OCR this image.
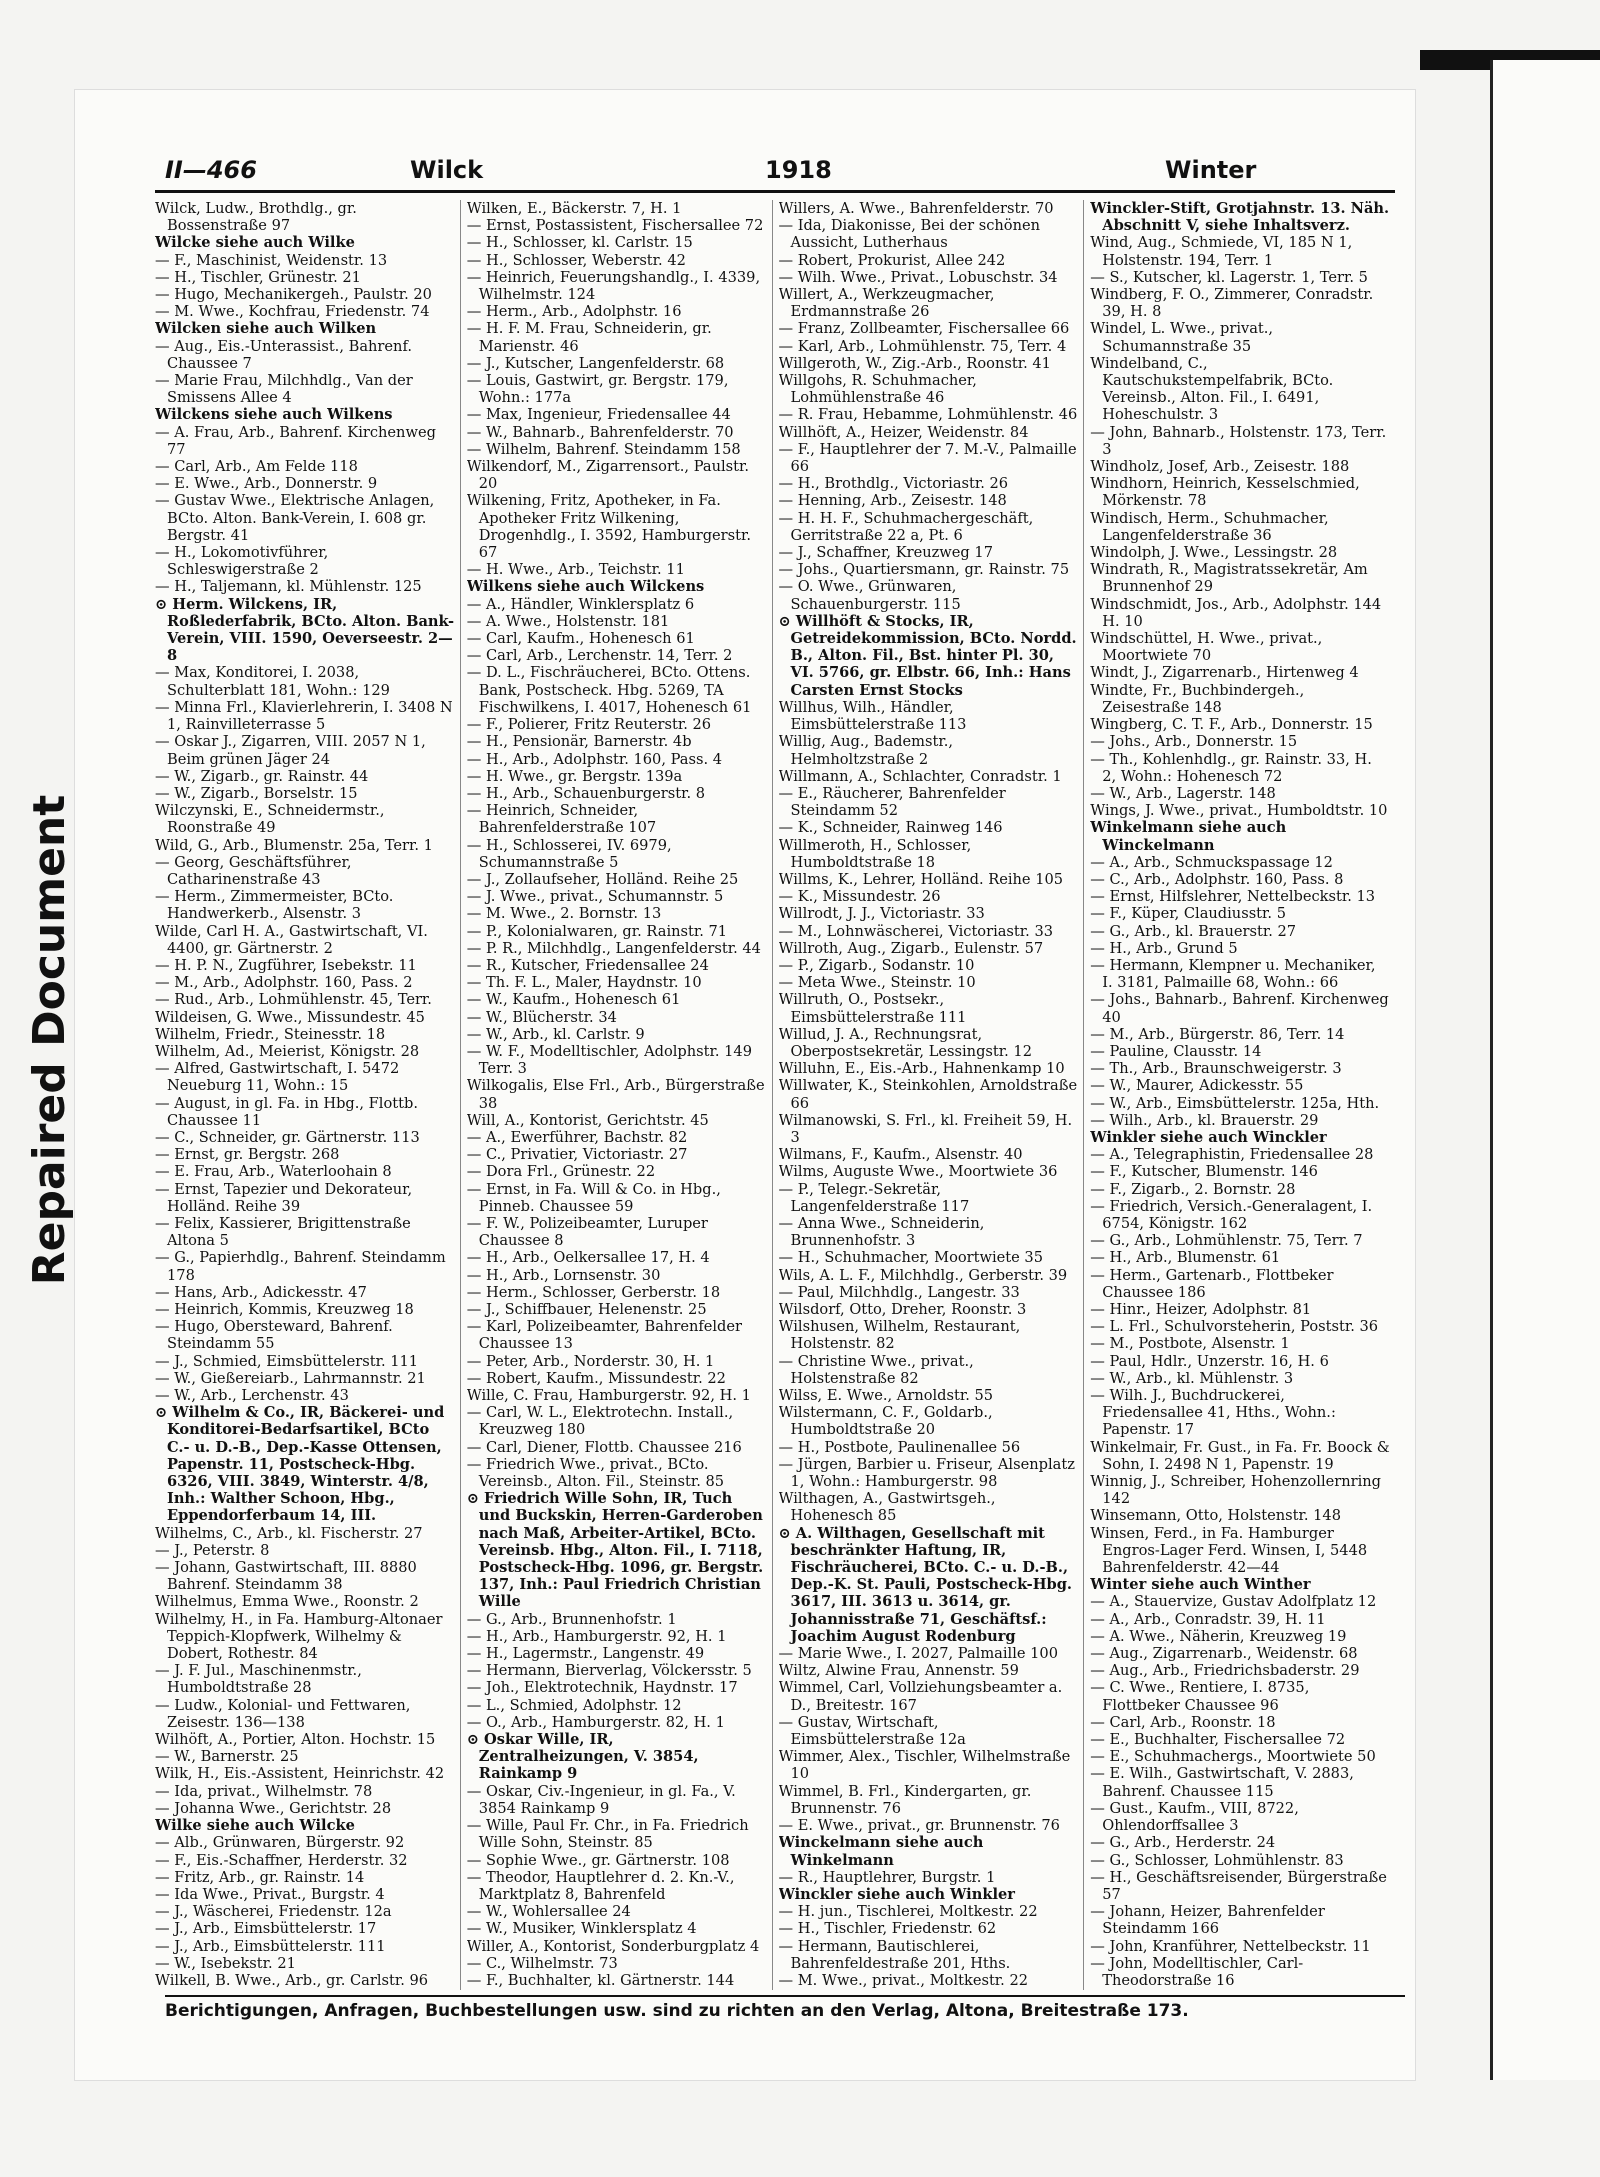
Repaired Document
II—466	Wilck	1918	Winter

Wilck, Ludw., Brothdlg., gr. Bossenstraße 97

Wilcke siehe auch Wilke

— F., Maschinist, Weidenstr. 13

— H., Tischler, Grünestr. 21

— Hugo, Mechanikergeh., Paulstr. 20

— M. Wwe., Kochfrau, Friedenstr. 74

Wilcken siehe auch Wilken

— Aug., Eis.-Unterassist., Bahrenf. Chaussee 7

— Marie Frau, Milchhdlg., Van der Smissens Allee 4

Wilckens siehe auch Wilkens

— A. Frau, Arb., Bahrenf. Kirchenweg 77

— Carl, Arb., Am Felde 118

— E. Wwe., Arb., Donnerstr. 9

— Gustav Wwe., Elektrische Anlagen, BCto. Alton. Bank-Verein, I. 608 gr. Bergstr. 41

— H., Lokomotivführer, Schleswigerstraße 2

— H., Taljemann, kl. Mühlenstr. 125

⊙ Herm. Wilckens, IR, Roßlederfabrik, BCto. Alton. Bank-Verein, VIII. 1590, Oeverseestr. 2—8

— Max, Konditorei, I. 2038, Schulterblatt 181, Wohn.: 129

— Minna Frl., Klavierlehrerin, I. 3408 N 1, Rainvilleterrasse 5

— Oskar J., Zigarren, VIII. 2057 N 1, Beim grünen Jäger 24

— W., Zigarb., gr. Rainstr. 44

— W., Zigarb., Borselstr. 15

Wilczynski, E., Schneidermstr., Roonstraße 49

Wild, G., Arb., Blumenstr. 25a, Terr. 1

— Georg, Geschäftsführer, Catharinenstraße 43

— Herm., Zimmermeister, BCto. Handwerkerb., Alsenstr. 3

Wilde, Carl H. A., Gastwirtschaft, VI. 4400, gr. Gärtnerstr. 2

— H. P. N., Zugführer, Isebekstr. 11

— M., Arb., Adolphstr. 160, Pass. 2

— Rud., Arb., Lohmühlenstr. 45, Terr.

Wildeisen, G. Wwe., Missundestr. 45

Wilhelm, Friedr., Steinesstr. 18

Wilhelm, Ad., Meierist, Königstr. 28

— Alfred, Gastwirtschaft, I. 5472 Neueburg 11, Wohn.: 15

— August, in gl. Fa. in Hbg., Flottb. Chaussee 11

— C., Schneider, gr. Gärtnerstr. 113

— Ernst, gr. Bergstr. 268

— E. Frau, Arb., Waterloohain 8

— Ernst, Tapezier und Dekorateur, Holländ. Reihe 39

— Felix, Kassierer, Brigittenstraße Altona 5

— G., Papierhdlg., Bahrenf. Steindamm 178

— Hans, Arb., Adickesstr. 47

— Heinrich, Kommis, Kreuzweg 18

— Hugo, Obersteward, Bahrenf. Steindamm 55

— J., Schmied, Eimsbüttelerstr. 111

— W., Gießereiarb., Lahrmannstr. 21

— W., Arb., Lerchenstr. 43

⊙ Wilhelm & Co., IR, Bäckerei- und Konditorei-Bedarfsartikel, BCto C.- u. D.-B., Dep.-Kasse Ottensen, Papenstr. 11, Postscheck-Hbg. 6326, VIII. 3849, Winterstr. 4/8, Inh.: Walther Schoon, Hbg., Eppendorferbaum 14, III.

Wilhelms, C., Arb., kl. Fischerstr. 27

— J., Peterstr. 8

— Johann, Gastwirtschaft, III. 8880 Bahrenf. Steindamm 38

Wilhelmus, Emma Wwe., Roonstr. 2

Wilhelmy, H., in Fa. Hamburg-Altonaer Teppich-Klopfwerk, Wilhelmy & Dobert, Rothestr. 84

— J. F. Jul., Maschinenmstr., Humboldtstraße 28

— Ludw., Kolonial- und Fettwaren, Zeisestr. 136—138

Wilhöft, A., Portier, Alton. Hochstr. 15

— W., Barnerstr. 25

Wilk, H., Eis.-Assistent, Heinrichstr. 42

— Ida, privat., Wilhelmstr. 78

— Johanna Wwe., Gerichtstr. 28

Wilke siehe auch Wilcke

— Alb., Grünwaren, Bürgerstr. 92

— F., Eis.-Schaffner, Herderstr. 32

— Fritz, Arb., gr. Rainstr. 14

— Ida Wwe., Privat., Burgstr. 4

— J., Wäscherei, Friedenstr. 12a

— J., Arb., Eimsbüttelerstr. 17

— J., Arb., Eimsbüttelerstr. 111

— W., Isebekstr. 21

Wilkell, B. Wwe., Arb., gr. Carlstr. 96

Wilken, E., Bäckerstr. 7, H. 1

— Ernst, Postassistent, Fischersallee 72

— H., Schlosser, kl. Carlstr. 15

— H., Schlosser, Weberstr. 42

— Heinrich, Feuerungshandlg., I. 4339, Wilhelmstr. 124

— Herm., Arb., Adolphstr. 16

— H. F. M. Frau, Schneiderin, gr. Marienstr. 46

— J., Kutscher, Langenfelderstr. 68

— Louis, Gastwirt, gr. Bergstr. 179, Wohn.: 177a

— Max, Ingenieur, Friedensallee 44

— W., Bahnarb., Bahrenfelderstr. 70

— Wilhelm, Bahrenf. Steindamm 158

Wilkendorf, M., Zigarrensort., Paulstr. 20

Wilkening, Fritz, Apotheker, in Fa. Apotheker Fritz Wilkening, Drogenhdlg., I. 3592, Hamburgerstr. 67

— H. Wwe., Arb., Teichstr. 11

Wilkens siehe auch Wilckens

— A., Händler, Winklersplatz 6

— A. Wwe., Holstenstr. 181

— Carl, Kaufm., Hohenesch 61

— Carl, Arb., Lerchenstr. 14, Terr. 2

— D. L., Fischräucherei, BCto. Ottens. Bank, Postscheck. Hbg. 5269, TA Fischwilkens, I. 4017, Hohenesch 61

— F., Polierer, Fritz Reuterstr. 26

— H., Pensionär, Barnerstr. 4b

— H., Arb., Adolphstr. 160, Pass. 4

— H. Wwe., gr. Bergstr. 139a

— H., Arb., Schauenburgerstr. 8

— Heinrich, Schneider, Bahrenfelderstraße 107

— H., Schlosserei, IV. 6979, Schumannstraße 5

— J., Zollaufseher, Holländ. Reihe 25

— J. Wwe., privat., Schumannstr. 5

— M. Wwe., 2. Bornstr. 13

— P., Kolonialwaren, gr. Rainstr. 71

— P. R., Milchhdlg., Langenfelderstr. 44

— R., Kutscher, Friedensallee 24

— Th. F. L., Maler, Haydnstr. 10

— W., Kaufm., Hohenesch 61

— W., Blücherstr. 34

— W., Arb., kl. Carlstr. 9

— W. F., Modelltischler, Adolphstr. 149 Terr. 3

Wilkogalis, Else Frl., Arb., Bürgerstraße 38

Will, A., Kontorist, Gerichtstr. 45

— A., Ewerführer, Bachstr. 82

— C., Privatier, Victoriastr. 27

— Dora Frl., Grünestr. 22

— Ernst, in Fa. Will & Co. in Hbg., Pinneb. Chaussee 59

— F. W., Polizeibeamter, Luruper Chaussee 8

— H., Arb., Oelkersallee 17, H. 4

— H., Arb., Lornsenstr. 30

— Herm., Schlosser, Gerberstr. 18

— J., Schiffbauer, Helenenstr. 25

— Karl, Polizeibeamter, Bahrenfelder Chaussee 13

— Peter, Arb., Norderstr. 30, H. 1

— Robert, Kaufm., Missundestr. 22

Wille, C. Frau, Hamburgerstr. 92, H. 1

— Carl, W. L., Elektrotechn. Install., Kreuzweg 180

— Carl, Diener, Flottb. Chaussee 216

— Friedrich Wwe., privat., BCto. Vereinsb., Alton. Fil., Steinstr. 85

⊙ Friedrich Wille Sohn, IR, Tuch und Buckskin, Herren-Garderoben nach Maß, Arbeiter-Artikel, BCto. Vereinsb. Hbg., Alton. Fil., I. 7118, Postscheck-Hbg. 1096, gr. Bergstr. 137, Inh.: Paul Friedrich Christian Wille

— G., Arb., Brunnenhofstr. 1

— H., Arb., Hamburgerstr. 92, H. 1

— H., Lagermstr., Langenstr. 49

— Hermann, Bierverlag, Völckersstr. 5

— Joh., Elektrotechnik, Haydnstr. 17

— L., Schmied, Adolphstr. 12

— O., Arb., Hamburgerstr. 82, H. 1

⊙ Oskar Wille, IR, Zentralheizungen, V. 3854, Rainkamp 9

— Oskar, Civ.-Ingenieur, in gl. Fa., V. 3854 Rainkamp 9

— Wille, Paul Fr. Chr., in Fa. Friedrich Wille Sohn, Steinstr. 85

— Sophie Wwe., gr. Gärtnerstr. 108

— Theodor, Hauptlehrer d. 2. Kn.-V., Marktplatz 8, Bahrenfeld

— W., Wohlersallee 24

— W., Musiker, Winklersplatz 4

Willer, A., Kontorist, Sonderburgplatz 4

— C., Wilhelmstr. 73

— F., Buchhalter, kl. Gärtnerstr. 144

Willers, A. Wwe., Bahrenfelderstr. 70

— Ida, Diakonisse, Bei der schönen Aussicht, Lutherhaus

— Robert, Prokurist, Allee 242

— Wilh. Wwe., Privat., Lobuschstr. 34

Willert, A., Werkzeugmacher, Erdmannstraße 26

— Franz, Zollbeamter, Fischersallee 66

— Karl, Arb., Lohmühlenstr. 75, Terr. 4

Willgeroth, W., Zig.-Arb., Roonstr. 41

Willgohs, R. Schuhmacher, Lohmühlenstraße 46

— R. Frau, Hebamme, Lohmühlenstr. 46

Willhöft, A., Heizer, Weidenstr. 84

— F., Hauptlehrer der 7. M.-V., Palmaille 66

— H., Brothdlg., Victoriastr. 26

— Henning, Arb., Zeisestr. 148

— H. H. F., Schuhmachergeschäft, Gerritstraße 22 a, Pt. 6

— J., Schaffner, Kreuzweg 17

— Johs., Quartiersmann, gr. Rainstr. 75

— O. Wwe., Grünwaren, Schauenburgerstr. 115

⊙ Willhöft & Stocks, IR, Getreidekommission, BCto. Nordd. B., Alton. Fil., Bst. hinter Pl. 30, VI. 5766, gr. Elbstr. 66, Inh.: Hans Carsten Ernst Stocks

Willhus, Wilh., Händler, Eimsbüttelerstraße 113

Willig, Aug., Bademstr., Helmholtzstraße 2

Willmann, A., Schlachter, Conradstr. 1

— E., Räucherer, Bahrenfelder Steindamm 52

— K., Schneider, Rainweg 146

Willmeroth, H., Schlosser, Humboldtstraße 18

Willms, K., Lehrer, Holländ. Reihe 105

— K., Missundestr. 26

Willrodt, J. J., Victoriastr. 33

— M., Lohnwäscherei, Victoriastr. 33

Willroth, Aug., Zigarb., Eulenstr. 57

— P., Zigarb., Sodanstr. 10

— Meta Wwe., Steinstr. 10

Willruth, O., Postsekr., Eimsbüttelerstraße 111

Willud, J. A., Rechnungsrat, Oberpostsekretär, Lessingstr. 12

Willuhn, E., Eis.-Arb., Hahnenkamp 10

Willwater, K., Steinkohlen, Arnoldstraße 66

Wilmanowski, S. Frl., kl. Freiheit 59, H. 3

Wilmans, F., Kaufm., Alsenstr. 40

Wilms, Auguste Wwe., Moortwiete 36

— P., Telegr.-Sekretär, Langenfelderstraße 117

— Anna Wwe., Schneiderin, Brunnenhofstr. 3

— H., Schuhmacher, Moortwiete 35

Wils, A. L. F., Milchhdlg., Gerberstr. 39

— Paul, Milchhdlg., Langestr. 33

Wilsdorf, Otto, Dreher, Roonstr. 3

Wilshusen, Wilhelm, Restaurant, Holstenstr. 82

— Christine Wwe., privat., Holstenstraße 82

Wilss, E. Wwe., Arnoldstr. 55

Wilstermann, C. F., Goldarb., Humboldtstraße 20

— H., Postbote, Paulinenallee 56

— Jürgen, Barbier u. Friseur, Alsenplatz 1, Wohn.: Hamburgerstr. 98

Wilthagen, A., Gastwirtsgeh., Hohenesch 85

⊙ A. Wilthagen, Gesellschaft mit beschränkter Haftung, IR, Fischräucherei, BCto. C.- u. D.-B., Dep.-K. St. Pauli, Postscheck-Hbg. 3617, III. 3613 u. 3614, gr. Johannisstraße 71, Geschäftsf.: Joachim August Rodenburg

— Marie Wwe., I. 2027, Palmaille 100

Wiltz, Alwine Frau, Annenstr. 59

Wimmel, Carl, Vollziehungsbeamter a. D., Breitestr. 167

— Gustav, Wirtschaft, Eimsbüttelerstraße 12a

Wimmer, Alex., Tischler, Wilhelmstraße 10

Wimmel, B. Frl., Kindergarten, gr. Brunnenstr. 76

— E. Wwe., privat., gr. Brunnenstr. 76

Winckelmann siehe auch Winkelmann

— R., Hauptlehrer, Burgstr. 1

Winckler siehe auch Winkler

— H. jun., Tischlerei, Moltkestr. 22

— H., Tischler, Friedenstr. 62

— Hermann, Bautischlerei, Bahrenfeldestraße 201, Hths.

— M. Wwe., privat., Moltkestr. 22

Winckler-Stift, Grotjahnstr. 13. Näh. Abschnitt V, siehe Inhaltsverz.

Wind, Aug., Schmiede, VI, 185 N 1, Holstenstr. 194, Terr. 1

— S., Kutscher, kl. Lagerstr. 1, Terr. 5

Windberg, F. O., Zimmerer, Conradstr. 39, H. 8

Windel, L. Wwe., privat., Schumannstraße 35

Windelband, C., Kautschukstempelfabrik, BCto. Vereinsb., Alton. Fil., I. 6491, Hoheschulstr. 3

— John, Bahnarb., Holstenstr. 173, Terr. 3

Windholz, Josef, Arb., Zeisestr. 188

Windhorn, Heinrich, Kesselschmied, Mörkenstr. 78

Windisch, Herm., Schuhmacher, Langenfelderstraße 36

Windolph, J. Wwe., Lessingstr. 28

Windrath, R., Magistratssekretär, Am Brunnenhof 29

Windschmidt, Jos., Arb., Adolphstr. 144 H. 10

Windschüttel, H. Wwe., privat., Moortwiete 70

Windt, J., Zigarrenarb., Hirtenweg 4

Windte, Fr., Buchbindergeh., Zeisestraße 148

Wingberg, C. T. F., Arb., Donnerstr. 15

— Johs., Arb., Donnerstr. 15

— Th., Kohlenhdlg., gr. Rainstr. 33, H. 2, Wohn.: Hohenesch 72

— W., Arb., Lagerstr. 148

Wings, J. Wwe., privat., Humboldtstr. 10

Winkelmann siehe auch Winckelmann

— A., Arb., Schmuckspassage 12

— C., Arb., Adolphstr. 160, Pass. 8

— Ernst, Hilfslehrer, Nettelbeckstr. 13

— F., Küper, Claudiusstr. 5

— G., Arb., kl. Brauerstr. 27

— H., Arb., Grund 5

— Hermann, Klempner u. Mechaniker, I. 3181, Palmaille 68, Wohn.: 66

— Johs., Bahnarb., Bahrenf. Kirchenweg 40

— M., Arb., Bürgerstr. 86, Terr. 14

— Pauline, Clausstr. 14

— Th., Arb., Braunschweigerstr. 3

— W., Maurer, Adickesstr. 55

— W., Arb., Eimsbüttelerstr. 125a, Hth.

— Wilh., Arb., kl. Brauerstr. 29

Winkler siehe auch Winckler

— A., Telegraphistin, Friedensallee 28

— F., Kutscher, Blumenstr. 146

— F., Zigarb., 2. Bornstr. 28

— Friedrich, Versich.-Generalagent, I. 6754, Königstr. 162

— G., Arb., Lohmühlenstr. 75, Terr. 7

— H., Arb., Blumenstr. 61

— Herm., Gartenarb., Flottbeker Chaussee 186

— Hinr., Heizer, Adolphstr. 81

— L. Frl., Schulvorsteherin, Poststr. 36

— M., Postbote, Alsenstr. 1

— Paul, Hdlr., Unzerstr. 16, H. 6

— W., Arb., kl. Mühlenstr. 3

— Wilh. J., Buchdruckerei, Friedensallee 41, Hths., Wohn.: Papenstr. 17

Winkelmair, Fr. Gust., in Fa. Fr. Boock & Sohn, I. 2498 N 1, Papenstr. 19

Winnig, J., Schreiber, Hohenzollernring 142

Winsemann, Otto, Holstenstr. 148

Winsen, Ferd., in Fa. Hamburger Engros-Lager Ferd. Winsen, I, 5448 Bahrenfelderstr. 42—44

Winter siehe auch Winther

— A., Stauervize, Gustav Adolfplatz 12

— A., Arb., Conradstr. 39, H. 11

— A. Wwe., Näherin, Kreuzweg 19

— Aug., Zigarrenarb., Weidenstr. 68

— Aug., Arb., Friedrichsbaderstr. 29

— C. Wwe., Rentiere, I. 8735, Flottbeker Chaussee 96

— Carl, Arb., Roonstr. 18

— E., Buchhalter, Fischersallee 72

— E., Schuhmachergs., Moortwiete 50

— E. Wilh., Gastwirtschaft, V. 2883, Bahrenf. Chaussee 115

— Gust., Kaufm., VIII, 8722, Ohlendorffsallee 3

— G., Arb., Herderstr. 24

— G., Schlosser, Lohmühlenstr. 83

— H., Geschäftsreisender, Bürgerstraße 57

— Johann, Heizer, Bahrenfelder Steindamm 166

— John, Kranführer, Nettelbeckstr. 11

— John, Modelltischler, Carl-Theodorstraße 16

Berichtigungen, Anfragen, Buchbestellungen usw. sind zu richten an den Verlag, Altona, Breitestraße 173.
